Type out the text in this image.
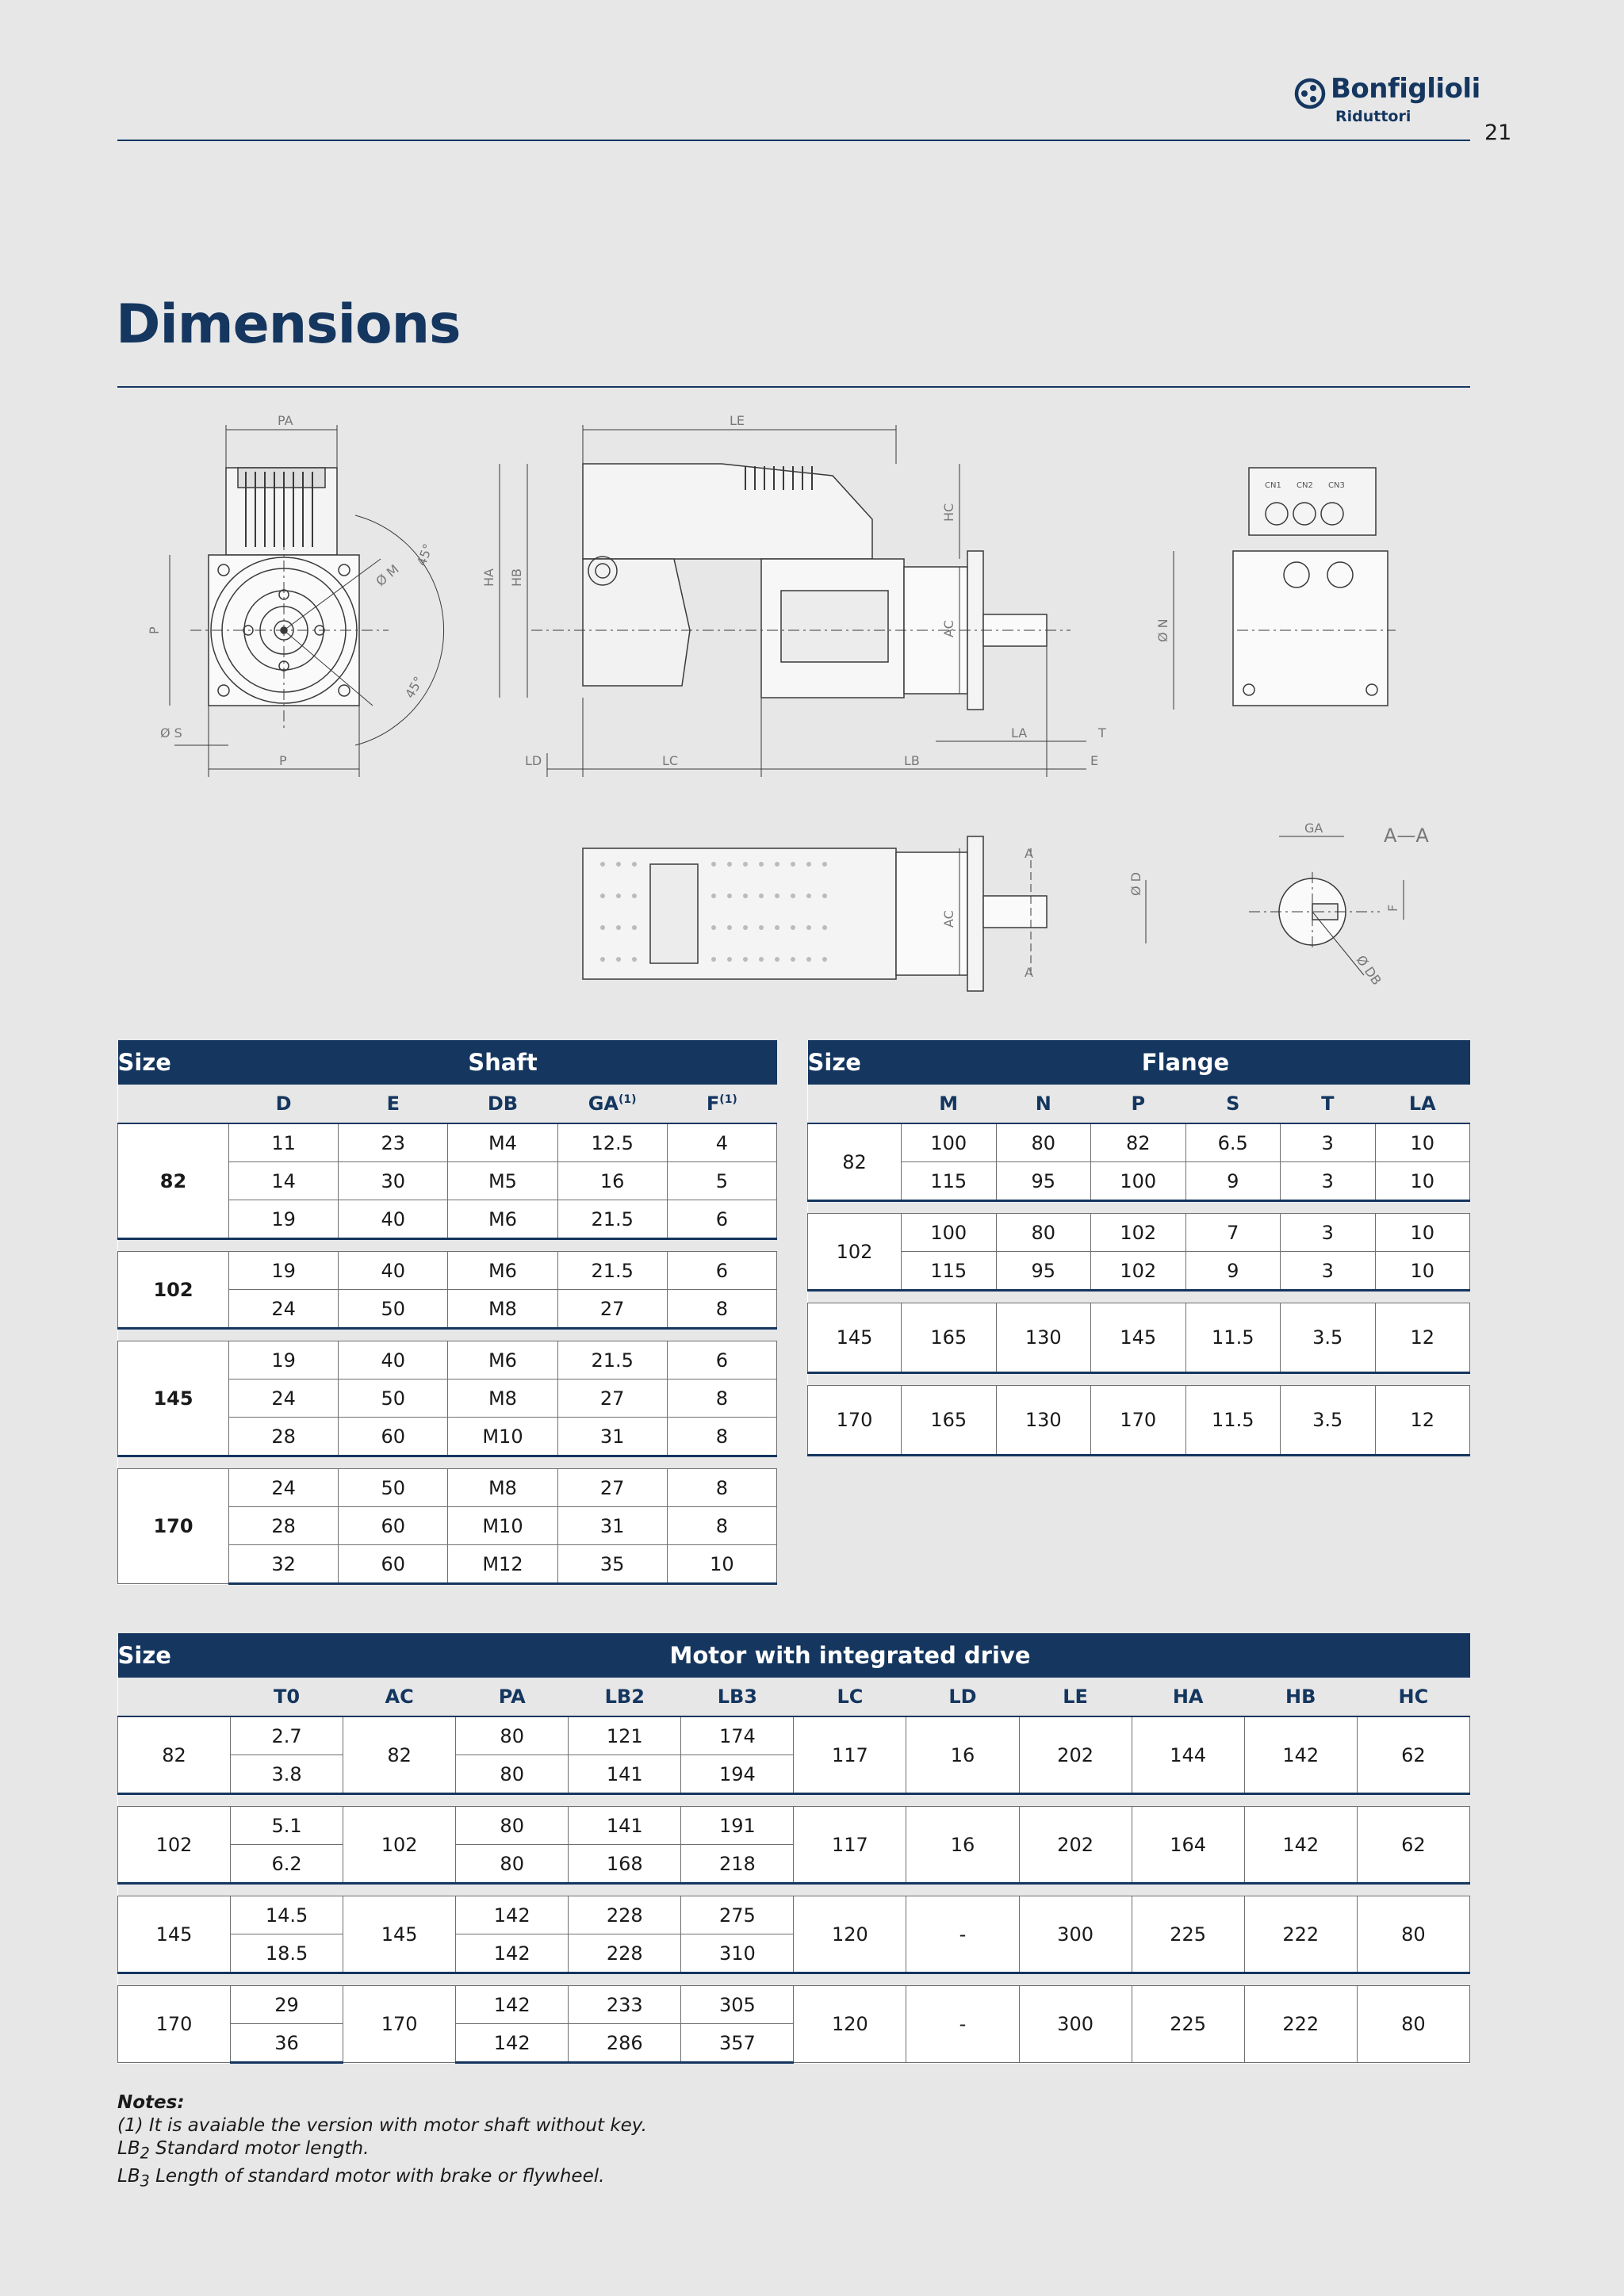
Bonfiglioli
Riduttori
21
Dimensions
PA
P
P
Ø S
Ø M
45°
45°
LE
HA HB
HC
AC	Ø N
LD	LC	LB
LA	T
E
CN1 CN2 CN3
AC
Ø D
A
A
GA	A—A
F
Ø DB
Size	Shaft				
	D	E	DB	GA$^{(1)}$	$F^{(1)}$
82	11	23	M4	12.5	4
	14	30	M5	16	5
	19	40	M6	21.5	6

102	19	40	M6	21.5	6
	24	50	M8	27	8

145	19	40	M6	21.5	6
	24	50	M8	27	8
	28	60	M10	31	8

170	24	50	M8	27	8
	28	60	M10	31	8
	32	60	M12	35	10
Size	Flange					
	M	N	P	S	T	LA
82	100	80	82	6.5	3	10
	115	95	100	9	3	10

102	100	80	102	7	3	10
	115	95	102	9	3	10

145	165	130	145	11.5	3.5	12

170	165	130	170	11.5	3.5	12
Size	Motor with integrated drive										
	T0	AC	PA	LB2	LB3	LC	LD	LE	HA	HB	HC
82	2.7	82	80	121	174	117	16	202	144	142	62
	3.8		80	141	194						

102	5.1	102	80	141	191	117	16	202	164	142	62
	6.2		80	168	218						

145	14.5	145	142	228	275	120	-	300	225	222	80
	18.5		142	228	310						

170	29	170	142	233	305	120	-	300	225	222	80
	36		142	286	357						
Notes:
(1) It is avaiable the version with motor shaft without key.
$LB_2$ Standard motor length.
$LB_3$ Length of standard motor with brake or flywheel.
